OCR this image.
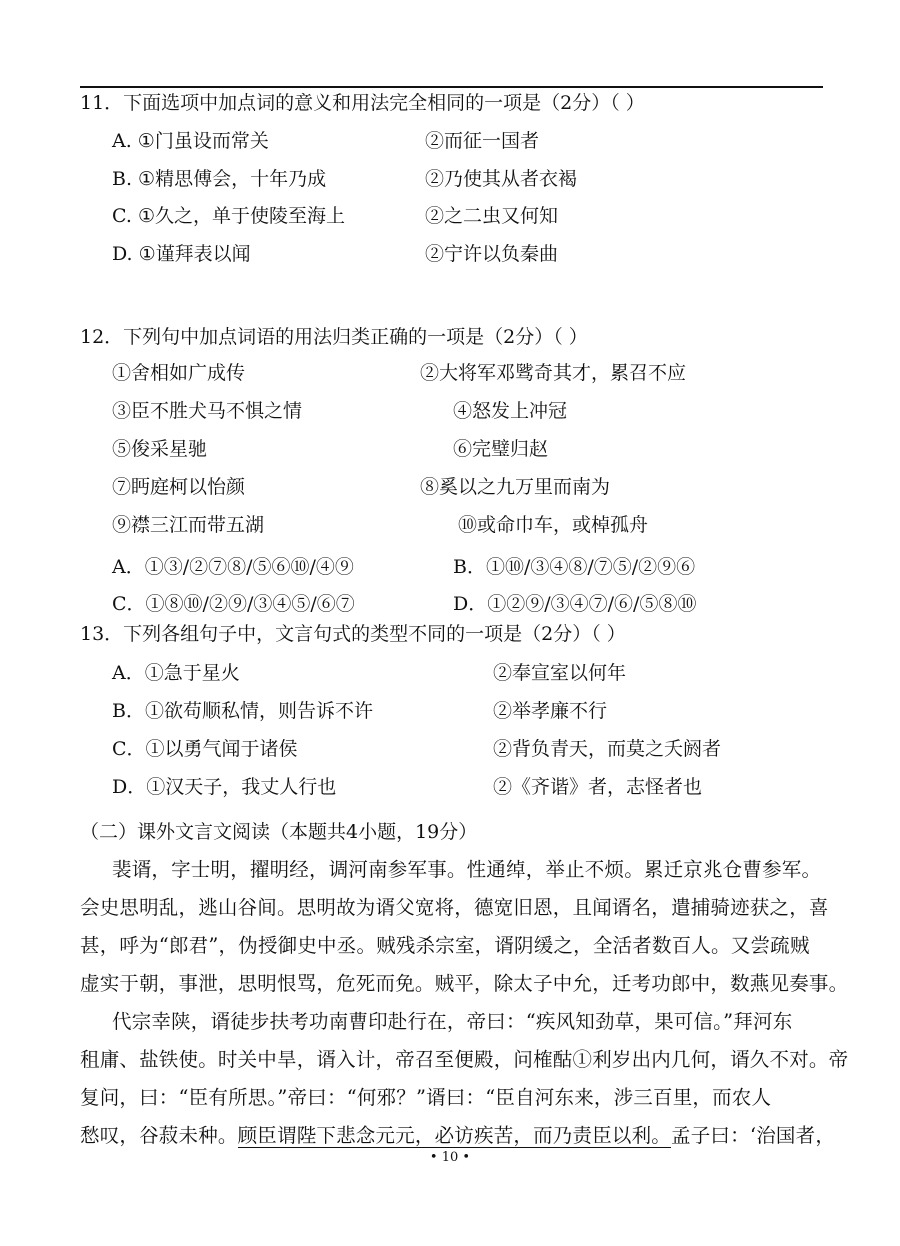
11．下面选项中加点词的意义和用法完全相同的一项是（2分）（ ）
A. ①门虽设而常关	②而征一国者
B. ①精思傅会，十年乃成	②乃使其从者衣褐
C. ①久之，单于使陵至海上	②之二虫又何知
D. ①谨拜表以闻	②宁许以负秦曲
12．下列句中加点词语的用法归类正确的一项是（2分）（ ）
①舍相如广成传	②大将军邓骘奇其才，累召不应
③臣不胜犬马不惧之情	④怒发上冲冠
⑤俊采星驰	⑥完璧归赵
⑦眄庭柯以怡颜	⑧奚以之九万里而南为
⑨襟三江而带五湖	⑩或命巾车，或棹孤舟
A．①③/②⑦⑧/⑤⑥⑩/④⑨	B．①⑩/③④⑧/⑦⑤/②⑨⑥
C．①⑧⑩/②⑨/③④⑤/⑥⑦	D．①②⑨/③④⑦/⑥/⑤⑧⑩
13．下列各组句子中，文言句式的类型不同的一项是（2分）（ ）
A．①急于星火	②奉宣室以何年
B．①欲苟顺私情，则告诉不许	②举孝廉不行
C．①以勇气闻于诸侯	②背负青天，而莫之夭阏者
D．①汉天子，我丈人行也	②《齐谐》者，志怪者也
（二）课外文言文阅读（本题共4小题，19分）
裴谞，字士明，擢明经，调河南参军事。性通绰，举止不烦。累迁京兆仓曹参军。
会史思明乱，逃山谷间。思明故为谞父宽将，德宽旧恩，且闻谞名，遣捕骑迹获之，喜
甚，呼为“郎君”，伪授御史中丞。贼残杀宗室，谞阴缓之，全活者数百人。又尝疏贼
虚实于朝，事泄，思明恨骂，危死而免。贼平，除太子中允，迁考功郎中，数燕见奏事。
代宗幸陕，谞徒步扶考功南曹印赴行在，帝曰：“疾风知劲草，果可信。”拜河东
租庸、盐铁使。时关中旱，谞入计，帝召至便殿，问榷酤①利岁出内几何，谞久不对。帝
复问，曰：“臣有所思。”帝曰：“何邪？”谞曰：“臣自河东来，涉三百里，而农人
愁叹，谷菽未种。顾臣谓陛下悲念元元，必访疾苦，而乃责臣以利。孟子曰：‘治国者，
• 10 •
